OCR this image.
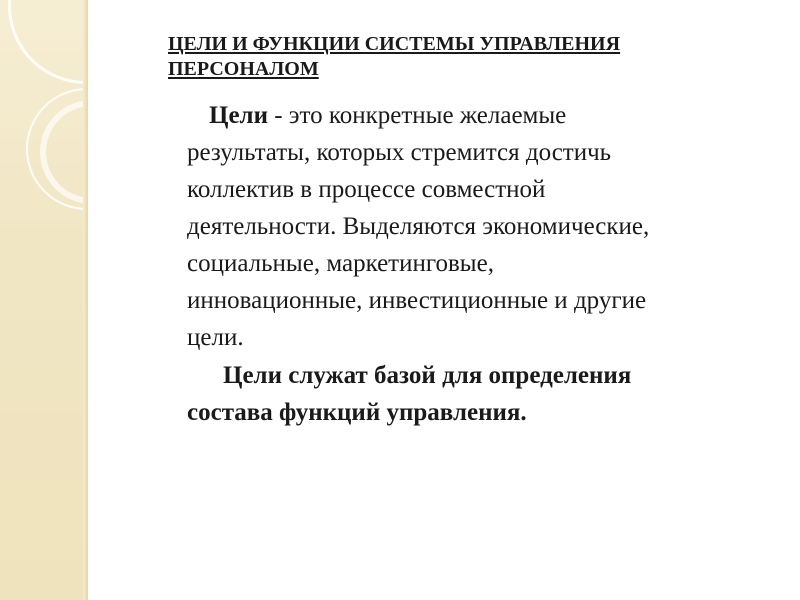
ЦЕЛИ И ФУНКЦИИ СИСТЕМЫ УПРАВЛЕНИЯ
ПЕРСОНАЛОМ

Цели - это конкретные желаемые
результаты, которых стремится достичь
коллектив в процессе совместной
деятельности. Выделяются экономические,
социальные, маркетинговые,
инновационные, инвестиционные и другие
цели.

Цели служат базой для определения
состава функций управления.
